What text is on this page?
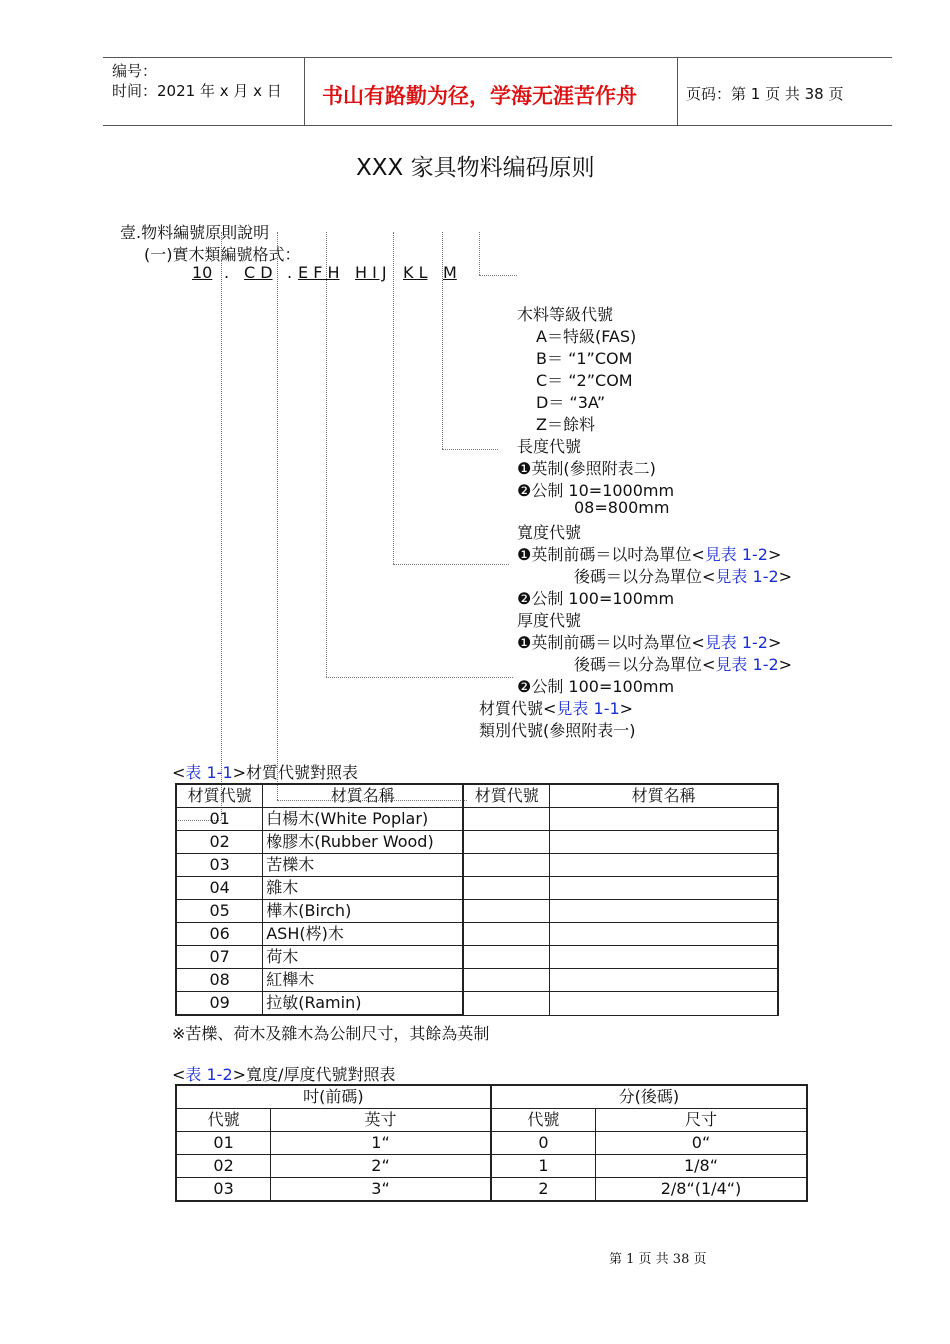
编号：
时间：2021 年 x 月 x 日 书山有路勤为径，学海无涯苦作舟	页码：第 1 页 共 38 页
XXX 家具物料编码原则
壹.物料編號原則說明
(一)實木類編號格式：
10 . C D . E F H H I J K L M
木料等級代號
A＝特級(FAS)
B＝ “1”COM
C＝ “2”COM
D＝ “3A”
Z＝餘料
長度代號
❶英制(參照附表二)
❷公制 10=1000mm
08=800mm
寬度代號
❶英制前碼＝以吋為單位<見表 1-2>
後碼＝以分為單位<見表 1-2>
❷公制 100=100mm
厚度代號
❶英制前碼＝以吋為單位<見表 1-2>
後碼＝以分為單位<見表 1-2>
❷公制 100=100mm
材質代號<見表 1-1>
類別代號(參照附表一)
<表 1-1>材質代號對照表
材質代號	材質名稱	材質代號	材質名稱
01	白楊木(White Poplar)		
02	橡膠木(Rubber Wood)		
03	苦櫟木		
04	雜木		
05	樺木(Birch)		
06	ASH(梣)木		
07	荷木		
08	紅櫸木		
09	拉敏(Ramin)		
※苦櫟、荷木及雜木為公制尺寸，其餘為英制
<表 1-2>寬度/厚度代號對照表
吋(前碼)		分(後碼)	
代號	英寸	代號	尺寸
01	1“	0	0“
02	2“	1	1/8“
03	3“	2	2/8“(1/4“)
第 1 页 共 38 页
